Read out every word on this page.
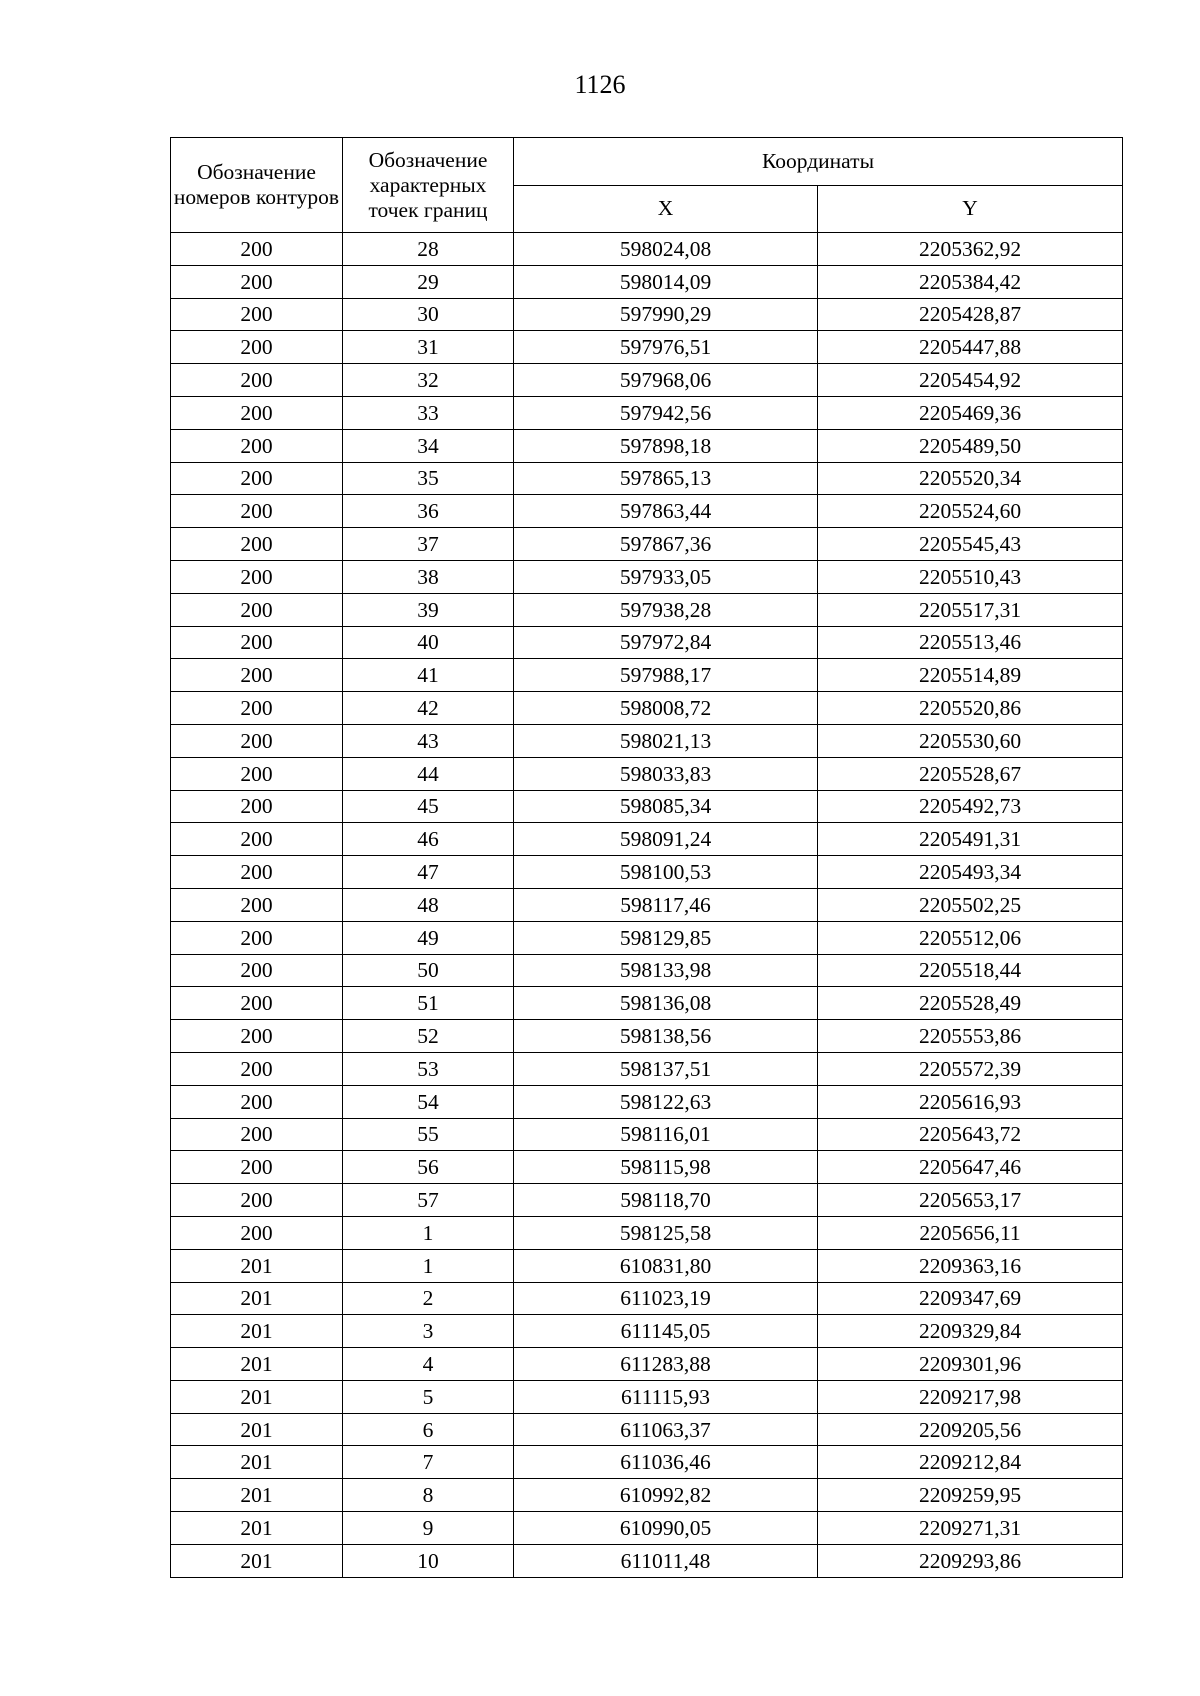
1126
Обозначение номеров контуров	Обозначение характерных точек границ	Координаты	
		X	Y
200	28	598024,08	2205362,92
200	29	598014,09	2205384,42
200	30	597990,29	2205428,87
200	31	597976,51	2205447,88
200	32	597968,06	2205454,92
200	33	597942,56	2205469,36
200	34	597898,18	2205489,50
200	35	597865,13	2205520,34
200	36	597863,44	2205524,60
200	37	597867,36	2205545,43
200	38	597933,05	2205510,43
200	39	597938,28	2205517,31
200	40	597972,84	2205513,46
200	41	597988,17	2205514,89
200	42	598008,72	2205520,86
200	43	598021,13	2205530,60
200	44	598033,83	2205528,67
200	45	598085,34	2205492,73
200	46	598091,24	2205491,31
200	47	598100,53	2205493,34
200	48	598117,46	2205502,25
200	49	598129,85	2205512,06
200	50	598133,98	2205518,44
200	51	598136,08	2205528,49
200	52	598138,56	2205553,86
200	53	598137,51	2205572,39
200	54	598122,63	2205616,93
200	55	598116,01	2205643,72
200	56	598115,98	2205647,46
200	57	598118,70	2205653,17
200	1	598125,58	2205656,11
201	1	610831,80	2209363,16
201	2	611023,19	2209347,69
201	3	611145,05	2209329,84
201	4	611283,88	2209301,96
201	5	611115,93	2209217,98
201	6	611063,37	2209205,56
201	7	611036,46	2209212,84
201	8	610992,82	2209259,95
201	9	610990,05	2209271,31
201	10	611011,48	2209293,86
